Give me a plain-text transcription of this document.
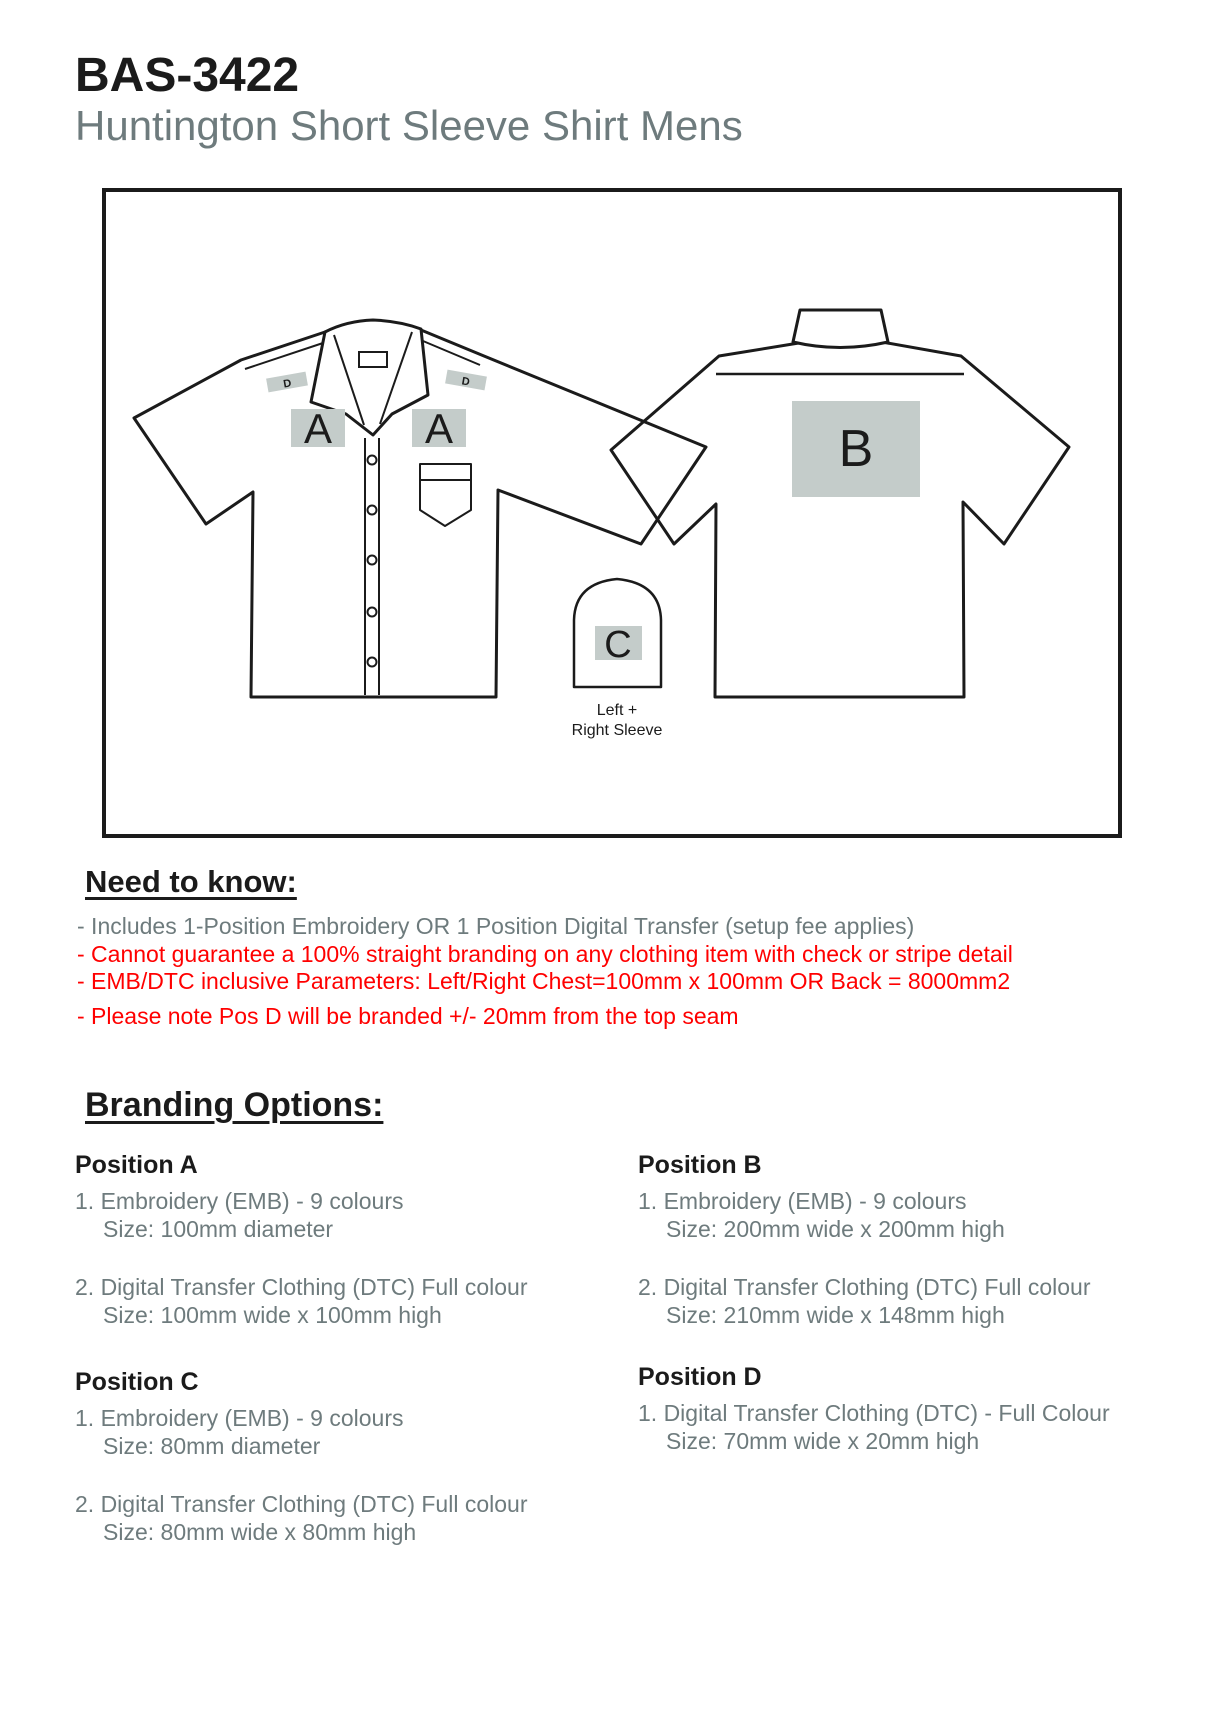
BAS-3422
Huntington Short Sleeve Shirt Mens
D	D
A A	B
C
Left +
Right Sleeve
Need to know:
- Includes 1-Position Embroidery OR 1 Position Digital Transfer (setup fee applies)
- Cannot guarantee a 100% straight branding on any clothing item with check or stripe detail
- EMB/DTC inclusive Parameters: Left/Right Chest=100mm x 100mm OR Back = 8000mm2
- Please note Pos D will be branded +/- 20mm from the top seam
Branding Options:
Position A
1. Embroidery (EMB) - 9 colours
Size: 100mm diameter
2. Digital Transfer Clothing (DTC) Full colour
Size: 100mm wide x 100mm high
Position B
1. Embroidery (EMB) - 9 colours
Size: 200mm wide x 200mm high
2. Digital Transfer Clothing (DTC) Full colour
Size: 210mm wide x 148mm high
Position C
1. Embroidery (EMB) - 9 colours
Size: 80mm diameter
2. Digital Transfer Clothing (DTC) Full colour
Size: 80mm wide x 80mm high
Position D
1. Digital Transfer Clothing (DTC) - Full Colour
Size: 70mm wide x 20mm high
